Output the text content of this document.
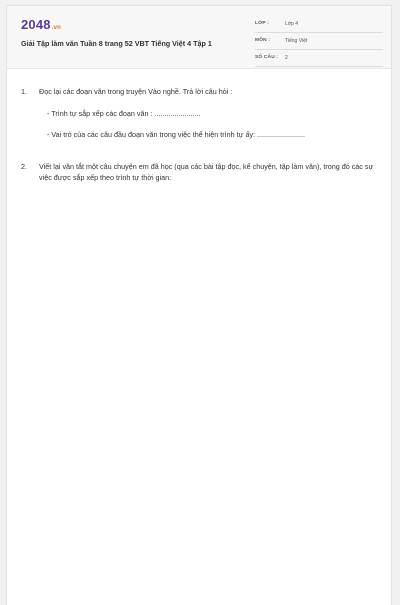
2048.vn
Giải Tập làm văn Tuần 8 trang 52 VBT Tiếng Việt 4 Tập 1
LỚP :	Lớp 4
MÔN :	Tiếng Việt
SỐ CÂU : 2
1. Đọc lại các đoạn văn trong truyện Vào nghề. Trả lời câu hỏi :
- Trình tự sắp xếp các đoạn văn : .......................
- Vai trò của các câu đầu đoạn văn trong việc thể hiện trình tự ấy: ........................
2. Viết lại văn tắt một câu chuyện em đã học (qua các bài tập đọc, kể chuyện, tập làm văn), trong đó các sự việc được sắp xếp theo trình tự thời gian:
